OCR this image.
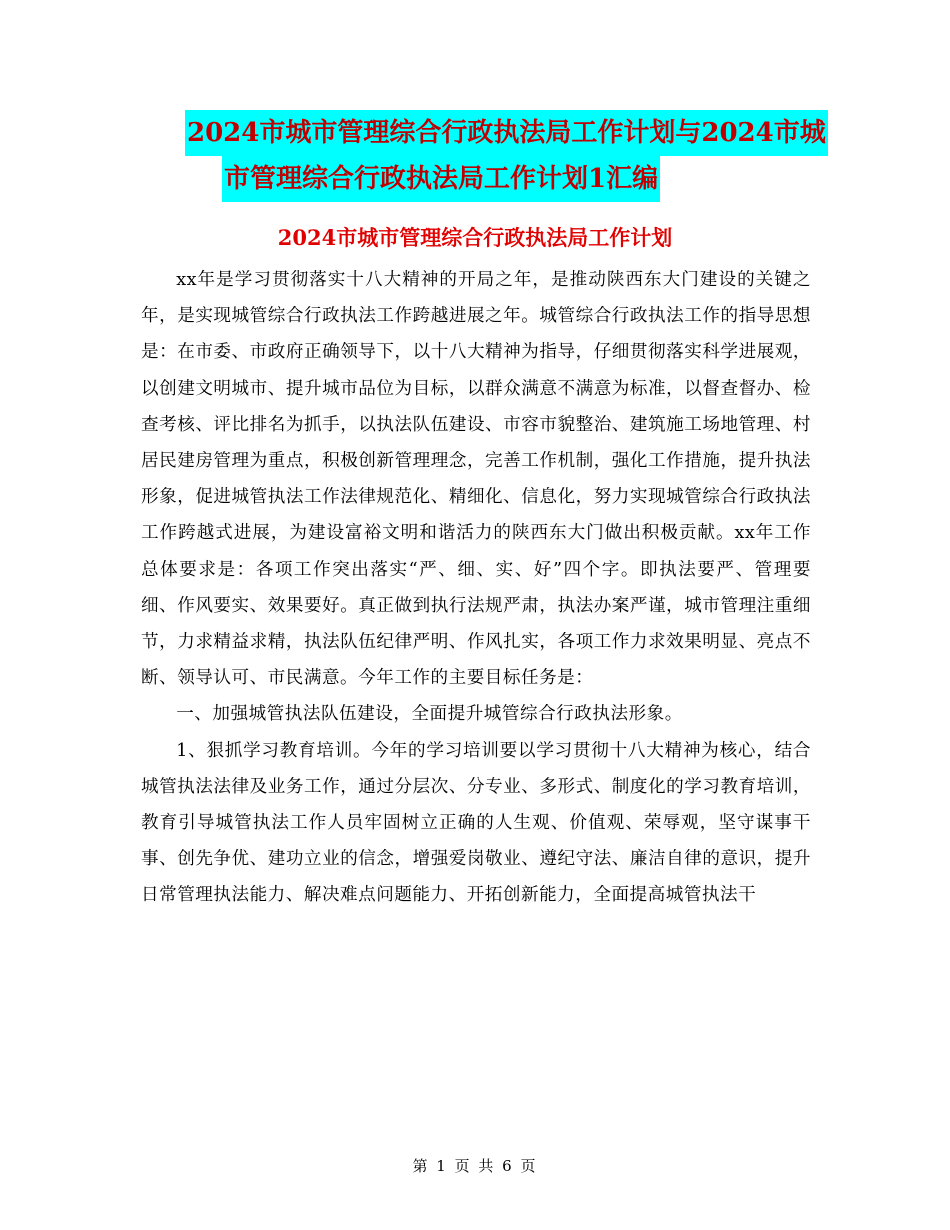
2024市城市管理综合行政执法局工作计划与2024市城
市管理综合行政执法局工作计划1汇编
2024市城市管理综合行政执法局工作计划

xx年是学习贯彻落实十八大精神的开局之年，是推动陕西东大门建设的关键之年，是实现城管综合行政执法工作跨越进展之年。城管综合行政执法工作的指导思想是：在市委、市政府正确领导下，以十八大精神为指导，仔细贯彻落实科学进展观，以创建文明城市、提升城市品位为目标，以群众满意不满意为标准，以督查督办、检查考核、评比排名为抓手，以执法队伍建设、市容市貌整治、建筑施工场地管理、村居民建房管理为重点，积极创新管理理念，完善工作机制，强化工作措施，提升执法形象，促进城管执法工作法律规范化、精细化、信息化，努力实现城管综合行政执法工作跨越式进展，为建设富裕文明和谐活力的陕西东大门做出积极贡献。xx年工作总体要求是：各项工作突出落实“严、细、实、好”四个字。即执法要严、管理要细、作风要实、效果要好。真正做到执行法规严肃，执法办案严谨，城市管理注重细节，力求精益求精，执法队伍纪律严明、作风扎实，各项工作力求效果明显、亮点不断、领导认可、市民满意。今年工作的主要目标任务是：

一、加强城管执法队伍建设，全面提升城管综合行政执法形象。

1、狠抓学习教育培训。今年的学习培训要以学习贯彻十八大精神为核心，结合城管执法法律及业务工作，通过分层次、分专业、多形式、制度化的学习教育培训，教育引导城管执法工作人员牢固树立正确的人生观、价值观、荣辱观，坚守谋事干事、创先争优、建功立业的信念，增强爱岗敬业、遵纪守法、廉洁自律的意识，提升日常管理执法能力、解决难点问题能力、开拓创新能力，全面提高城管执法干

第 1 页 共 6 页
